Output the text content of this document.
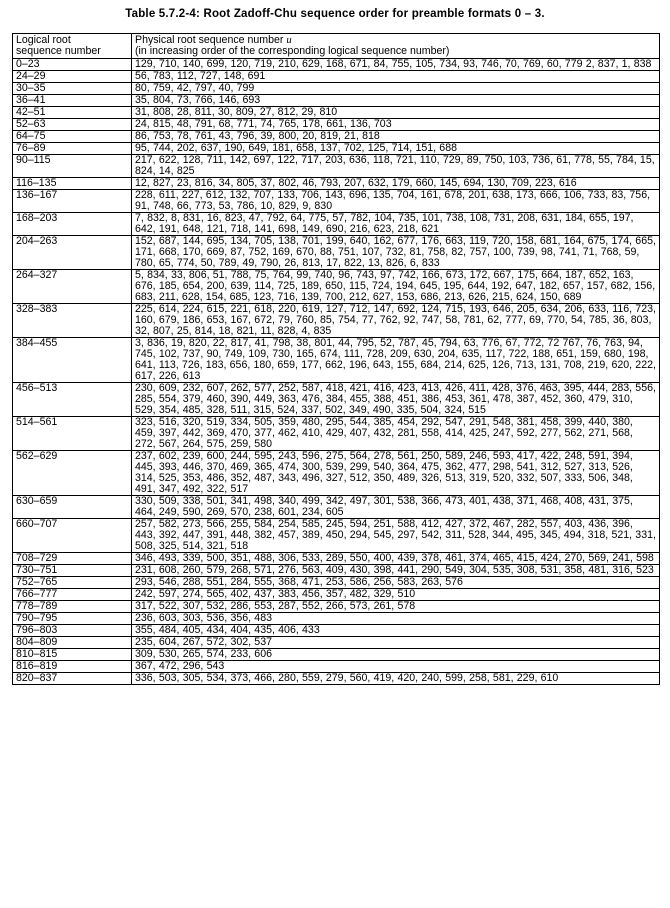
Table 5.7.2-4: Root Zadoff-Chu sequence order for preamble formats 0 – 3.
Logical root
sequence number	Physical root sequence number u
(in increasing order of the corresponding logical sequence number)

0–23	129, 710, 140, 699, 120, 719, 210, 629, 168, 671, 84, 755, 105, 734, 93, 746, 70, 769, 60, 779 2, 837, 1, 838
24–29	56, 783, 112, 727, 148, 691
30–35	80, 759, 42, 797, 40, 799
36–41	35, 804, 73, 766, 146, 693
42–51	31, 808, 28, 811, 30, 809, 27, 812, 29, 810
52–63	24, 815, 48, 791, 68, 771, 74, 765, 178, 661, 136, 703
64–75	86, 753, 78, 761, 43, 796, 39, 800, 20, 819, 21, 818
76–89	95, 744, 202, 637, 190, 649, 181, 658, 137, 702, 125, 714, 151, 688
90–115	217, 622, 128, 711, 142, 697, 122, 717, 203, 636, 118, 721, 110, 729, 89, 750, 103, 736, 61, 778, 55, 784, 15, 824, 14, 825
116–135	12, 827, 23, 816, 34, 805, 37, 802, 46, 793, 207, 632, 179, 660, 145, 694, 130, 709, 223, 616
136–167	228, 611, 227, 612, 132, 707, 133, 706, 143, 696, 135, 704, 161, 678, 201, 638, 173, 666, 106, 733, 83, 756, 91, 748, 66, 773, 53, 786, 10, 829, 9, 830
168–203	7, 832, 8, 831, 16, 823, 47, 792, 64, 775, 57, 782, 104, 735, 101, 738, 108, 731, 208, 631, 184, 655, 197, 642, 191, 648, 121, 718, 141, 698, 149, 690, 216, 623, 218, 621
204–263	152, 687, 144, 695, 134, 705, 138, 701, 199, 640, 162, 677, 176, 663, 119, 720, 158, 681, 164, 675, 174, 665, 171, 668, 170, 669, 87, 752, 169, 670, 88, 751, 107, 732, 81, 758, 82, 757, 100, 739, 98, 741, 71, 768, 59, 780, 65, 774, 50, 789, 49, 790, 26, 813, 17, 822, 13, 826, 6, 833
264–327	5, 834, 33, 806, 51, 788, 75, 764, 99, 740, 96, 743, 97, 742, 166, 673, 172, 667, 175, 664, 187, 652, 163, 676, 185, 654, 200, 639, 114, 725, 189, 650, 115, 724, 194, 645, 195, 644, 192, 647, 182, 657, 157, 682, 156, 683, 211, 628, 154, 685, 123, 716, 139, 700, 212, 627, 153, 686, 213, 626, 215, 624, 150, 689
328–383	225, 614, 224, 615, 221, 618, 220, 619, 127, 712, 147, 692, 124, 715, 193, 646, 205, 634, 206, 633, 116, 723, 160, 679, 186, 653, 167, 672, 79, 760, 85, 754, 77, 762, 92, 747, 58, 781, 62, 777, 69, 770, 54, 785, 36, 803, 32, 807, 25, 814, 18, 821, 11, 828, 4, 835
384–455	3, 836, 19, 820, 22, 817, 41, 798, 38, 801, 44, 795, 52, 787, 45, 794, 63, 776, 67, 772, 72 767, 76, 763, 94, 745, 102, 737, 90, 749, 109, 730, 165, 674, 111, 728, 209, 630, 204, 635, 117, 722, 188, 651, 159, 680, 198, 641, 113, 726, 183, 656, 180, 659, 177, 662, 196, 643, 155, 684, 214, 625, 126, 713, 131, 708, 219, 620, 222, 617, 226, 613
456–513	230, 609, 232, 607, 262, 577, 252, 587, 418, 421, 416, 423, 413, 426, 411, 428, 376, 463, 395, 444, 283, 556, 285, 554, 379, 460, 390, 449, 363, 476, 384, 455, 388, 451, 386, 453, 361, 478, 387, 452, 360, 479, 310, 529, 354, 485, 328, 511, 315, 524, 337, 502, 349, 490, 335, 504, 324, 515
514–561	323, 516, 320, 519, 334, 505, 359, 480, 295, 544, 385, 454, 292, 547, 291, 548, 381, 458, 399, 440, 380, 459, 397, 442, 369, 470, 377, 462, 410, 429, 407, 432, 281, 558, 414, 425, 247, 592, 277, 562, 271, 568, 272, 567, 264, 575, 259, 580
562–629	237, 602, 239, 600, 244, 595, 243, 596, 275, 564, 278, 561, 250, 589, 246, 593, 417, 422, 248, 591, 394, 445, 393, 446, 370, 469, 365, 474, 300, 539, 299, 540, 364, 475, 362, 477, 298, 541, 312, 527, 313, 526, 314, 525, 353, 486, 352, 487, 343, 496, 327, 512, 350, 489, 326, 513, 319, 520, 332, 507, 333, 506, 348, 491, 347, 492, 322, 517
630–659	330, 509, 338, 501, 341, 498, 340, 499, 342, 497, 301, 538, 366, 473, 401, 438, 371, 468, 408, 431, 375, 464, 249, 590, 269, 570, 238, 601, 234, 605
660–707	257, 582, 273, 566, 255, 584, 254, 585, 245, 594, 251, 588, 412, 427, 372, 467, 282, 557, 403, 436, 396, 443, 392, 447, 391, 448, 382, 457, 389, 450, 294, 545, 297, 542, 311, 528, 344, 495, 345, 494, 318, 521, 331, 508, 325, 514, 321, 518
708–729	346, 493, 339, 500, 351, 488, 306, 533, 289, 550, 400, 439, 378, 461, 374, 465, 415, 424, 270, 569, 241, 598
730–751	231, 608, 260, 579, 268, 571, 276, 563, 409, 430, 398, 441, 290, 549, 304, 535, 308, 531, 358, 481, 316, 523
752–765	293, 546, 288, 551, 284, 555, 368, 471, 253, 586, 256, 583, 263, 576
766–777	242, 597, 274, 565, 402, 437, 383, 456, 357, 482, 329, 510
778–789	317, 522, 307, 532, 286, 553, 287, 552, 266, 573, 261, 578
790–795	236, 603, 303, 536, 356, 483
796–803	355, 484, 405, 434, 404, 435, 406, 433
804–809	235, 604, 267, 572, 302, 537
810–815	309, 530, 265, 574, 233, 606
816–819	367, 472, 296, 543
820–837	336, 503, 305, 534, 373, 466, 280, 559, 279, 560, 419, 420, 240, 599, 258, 581, 229, 610
